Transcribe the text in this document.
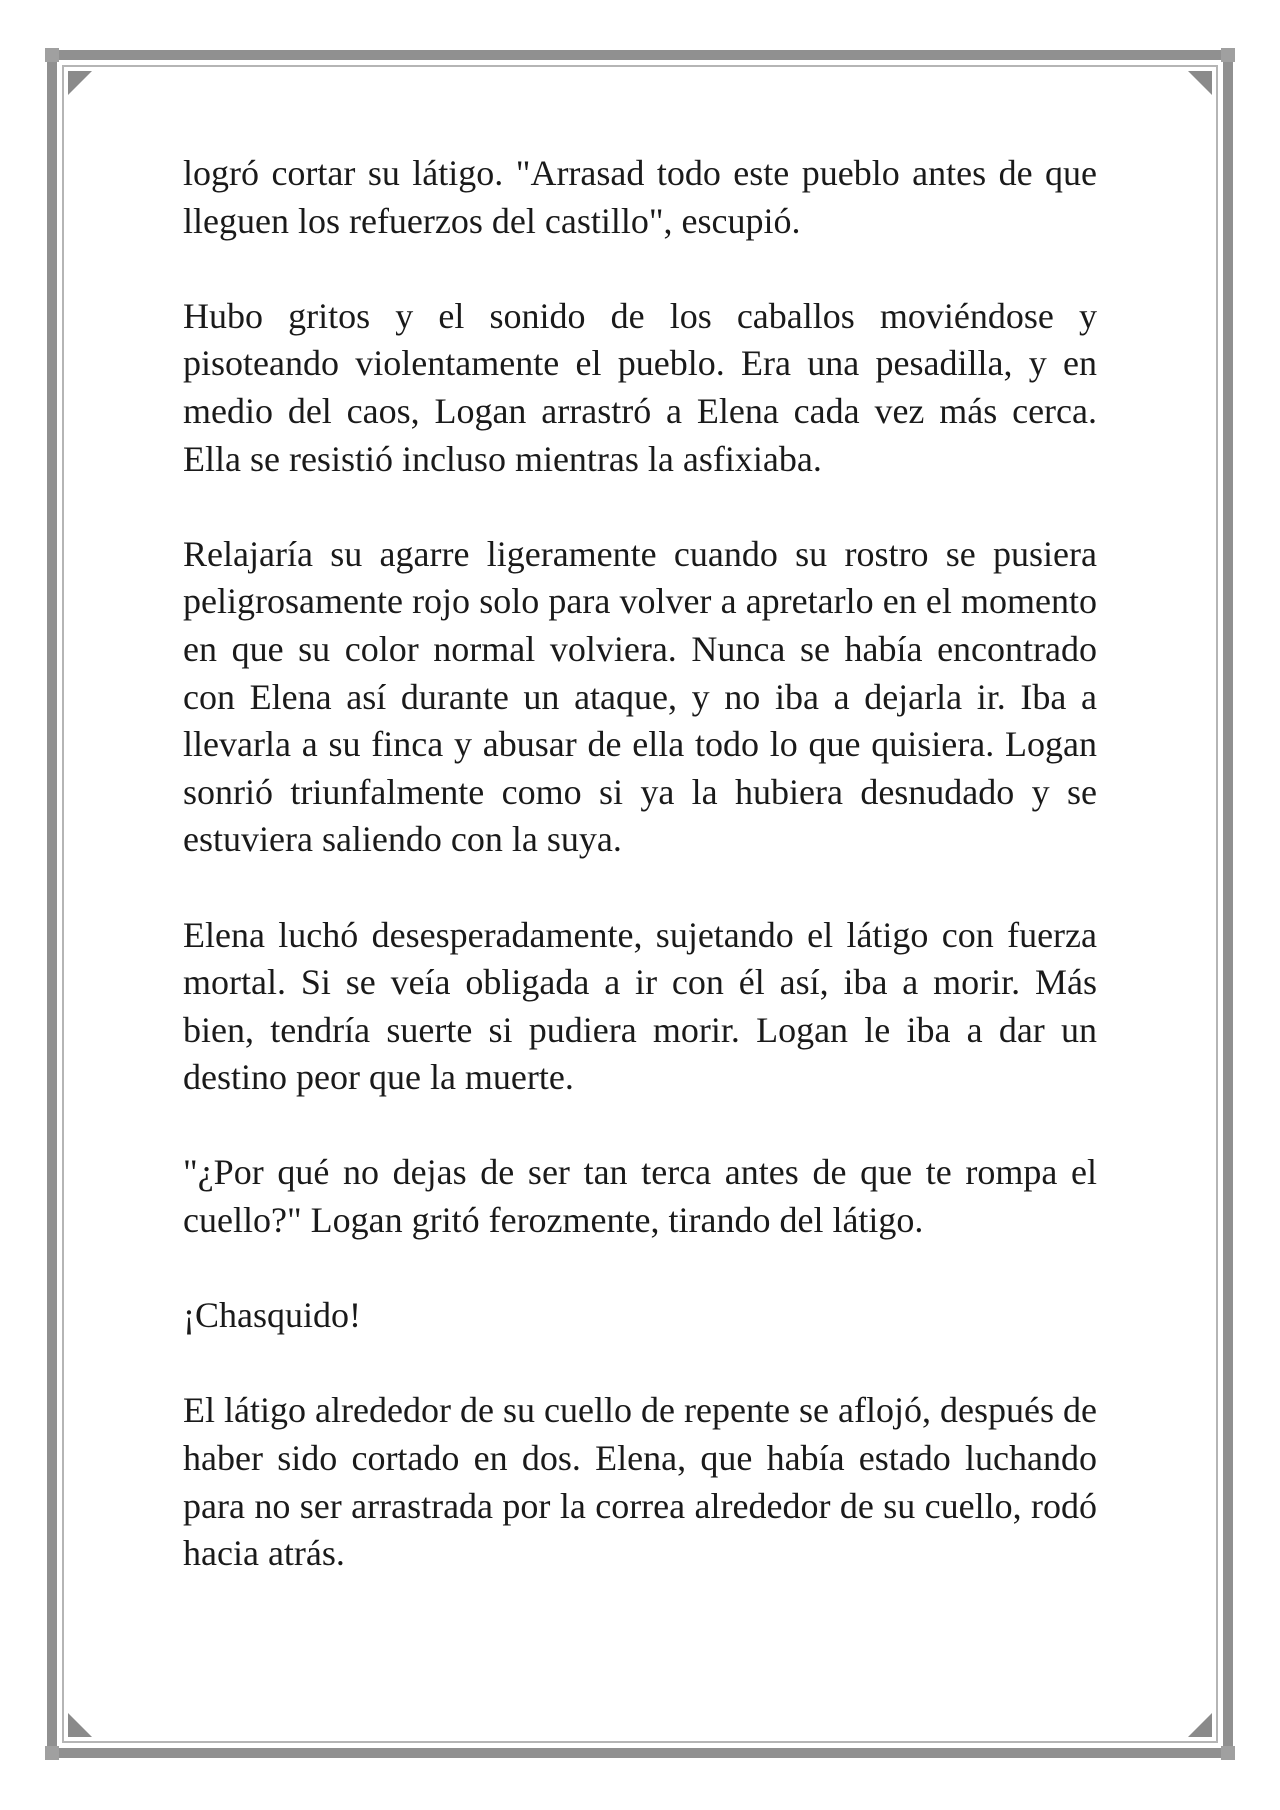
logró cortar su látigo. "Arrasad todo este pueblo antes de que lleguen los refuerzos del castillo", escupió.

Hubo gritos y el sonido de los caballos moviéndose y pisoteando violentamente el pueblo. Era una pesadilla, y en medio del caos, Logan arrastró a Elena cada vez más cerca. Ella se resistió incluso mientras la asfixiaba.

Relajaría su agarre ligeramente cuando su rostro se pusiera peligrosamente rojo solo para volver a apretarlo en el momento en que su color normal volviera. Nunca se había encontrado con Elena así durante un ataque, y no iba a dejarla ir. Iba a llevarla a su finca y abusar de ella todo lo que quisiera. Logan sonrió triunfalmente como si ya la hubiera desnudado y se estuviera saliendo con la suya.

Elena luchó desesperadamente, sujetando el látigo con fuerza mortal. Si se veía obligada a ir con él así, iba a morir. Más bien, tendría suerte si pudiera morir. Logan le iba a dar un destino peor que la muerte.

"¿Por qué no dejas de ser tan terca antes de que te rompa el cuello?" Logan gritó ferozmente, tirando del látigo.

¡Chasquido!

El látigo alrededor de su cuello de repente se aflojó, después de haber sido cortado en dos. Elena, que había estado luchando para no ser arrastrada por la correa alrededor de su cuello, rodó hacia atrás.
